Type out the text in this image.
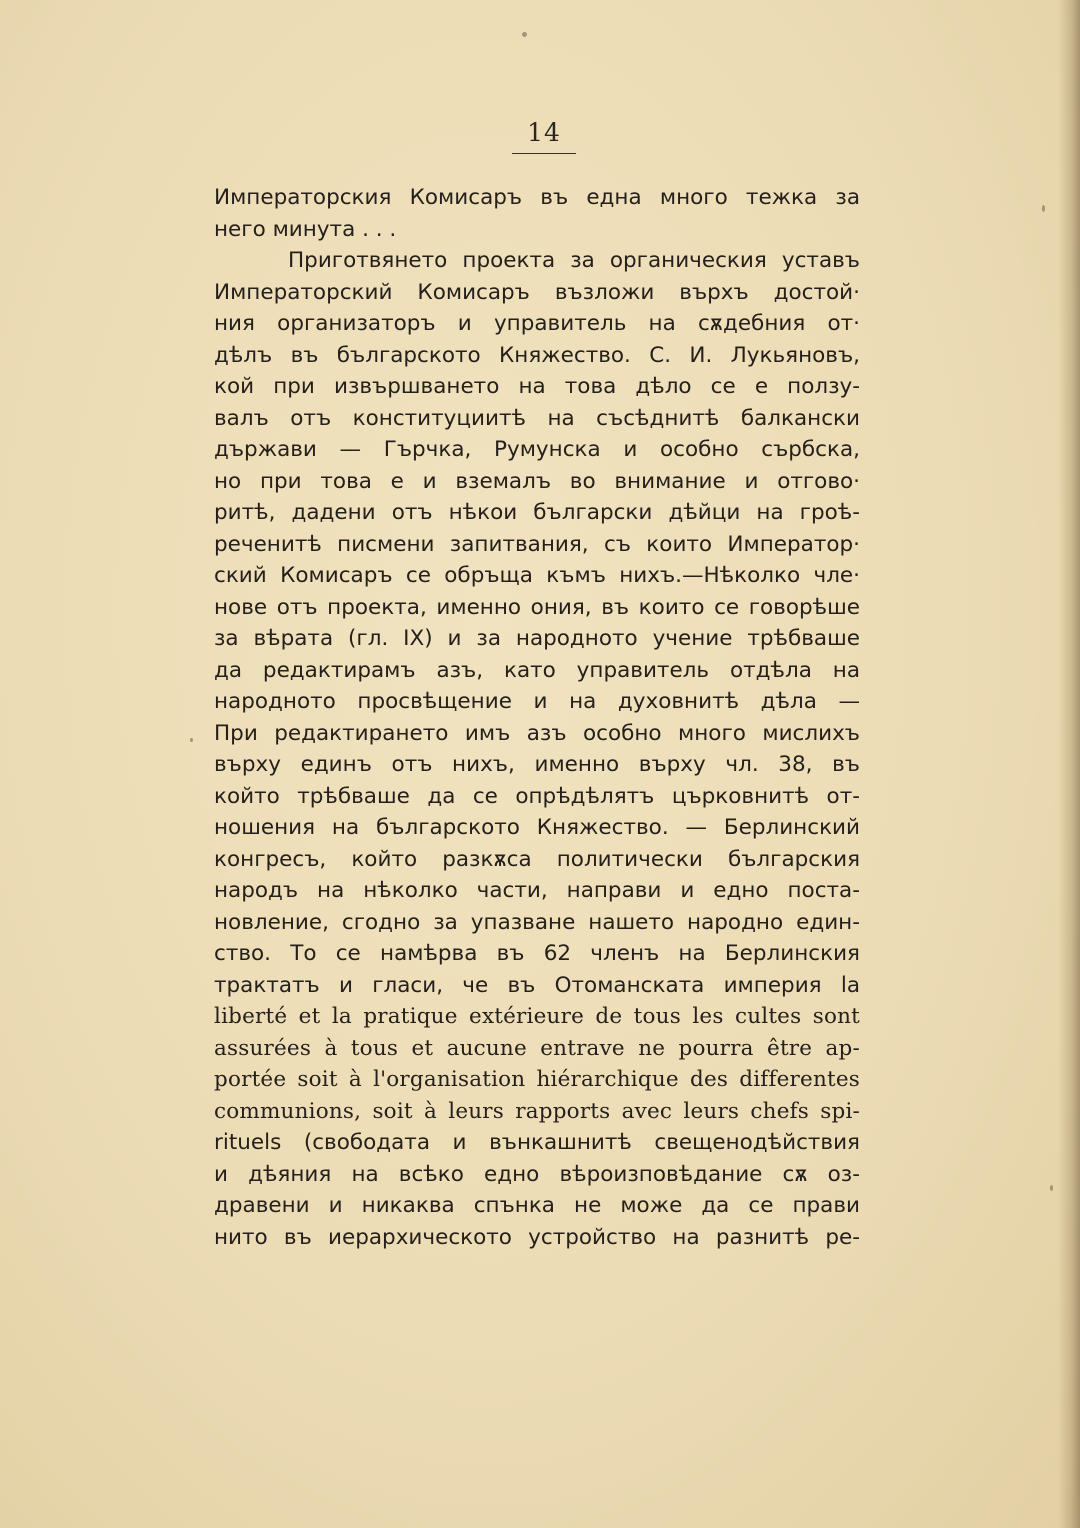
14
Императорския Комисаръ въ една много тежка за
него минута . . .
Приготвянето проекта за органическия уставъ
Императорский Комисаръ възложи върхъ достой·
ния организаторъ и управитель на сѫдебния от·
дѣлъ въ българското Княжество. С. И. Лукьяновъ,
кой при извършването на това дѣло се е ползу-
валъ отъ конституциитѣ на съсѣднитѣ балкански
държави — Гърчка, Румунска и особно сърбска,
но при това е и вземалъ во внимание и отгово·
ритѣ, дадени отъ нѣкои български дѣйци на гроѣ-
реченитѣ писмени запитвания, съ които Император·
ский Комисаръ се обръща къмъ нихъ.—Нѣколко чле·
нове отъ проекта, именно ония, въ които се говорѣше
за вѣрата (гл. IX) и за народното учение трѣбваше
да редактирамъ азъ, като управитель отдѣла на
народното просвѣщение и на духовнитѣ дѣла —
При редактирането имъ азъ особно много мислихъ
върху единъ отъ нихъ, именно върху чл. 38, въ
който трѣбваше да се опрѣдѣлятъ църковнитѣ от-
ношения на българското Княжество. — Берлинский
конгресъ, който разкѫса политически българския
народъ на нѣколко части, направи и едно поста-
новление, сгодно за упазване нашето народно един-
ство. То се намѣрва въ 62 членъ на Берлинския
трактатъ и гласи, че въ Отоманската империя la
liberté et la pratique extérieure de tous les cultes sont
assurées à tous et aucune entrave ne pourra être ap-
portée soit à l'organisation hiérarchique des differentes
communions, soit à leurs rapports avec leurs chefs spi-
rituels (свободата и вънкашнитѣ свещенодѣйствия
и дѣяния на всѣко едно вѣроизповѣдание сѫ оз-
дравени и никаква спънка не може да се прави
нито въ иерархическото устройство на разнитѣ ре-
